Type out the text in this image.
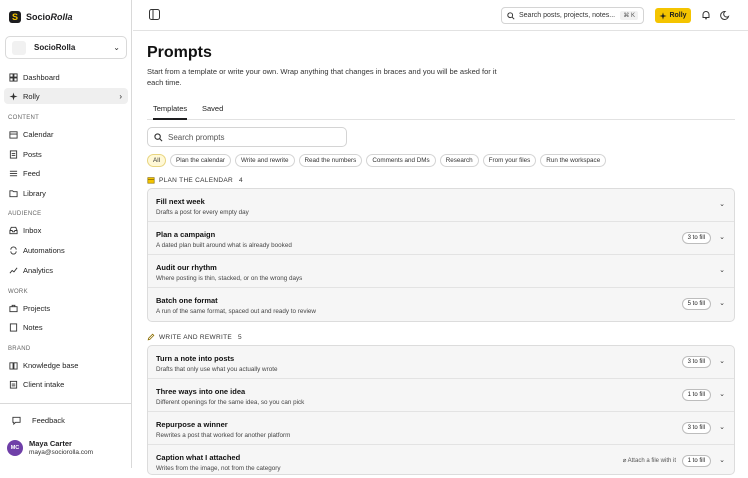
S SocioRolla
SocioRolla	⌄
Dashboard
Rolly	›
CONTENT
Calendar
Posts
Feed
Library
AUDIENCE
Inbox
Automations
Analytics
WORK
Projects
Notes
BRAND
Knowledge base
Client intake
Feedback
MC	Maya Carter
maya@sociorolla.com
Search posts, projects, notes...	⌘ K	Rolly
Prompts

Start from a template or write your own. Wrap anything that changes in braces and you will be asked for it each time.

Templates Saved
Search prompts
All	Plan the calendar	Write and rewrite	Read the numbers	Comments and DMs	Research	From your files	Run the workspace
PLAN THE CALENDAR 4
Fill next week
Drafts a post for every empty day
⌄
Plan a campaign
A dated plan built around what is already booked
3 to fill	⌄
Audit our rhythm
Where posting is thin, stacked, or on the wrong days
⌄
Batch one format
A run of the same format, spaced out and ready to review
5 to fill	⌄
WRITE AND REWRITE 5
Turn a note into posts
Drafts that only use what you actually wrote
3 to fill	⌄
Three ways into one idea
Different openings for the same idea, so you can pick
1 to fill	⌄
Repurpose a winner
Rewrites a post that worked for another platform
3 to fill	⌄
Caption what I attached
Writes from the image, not from the category
⌀ Attach a file with it	1 to fill	⌄
